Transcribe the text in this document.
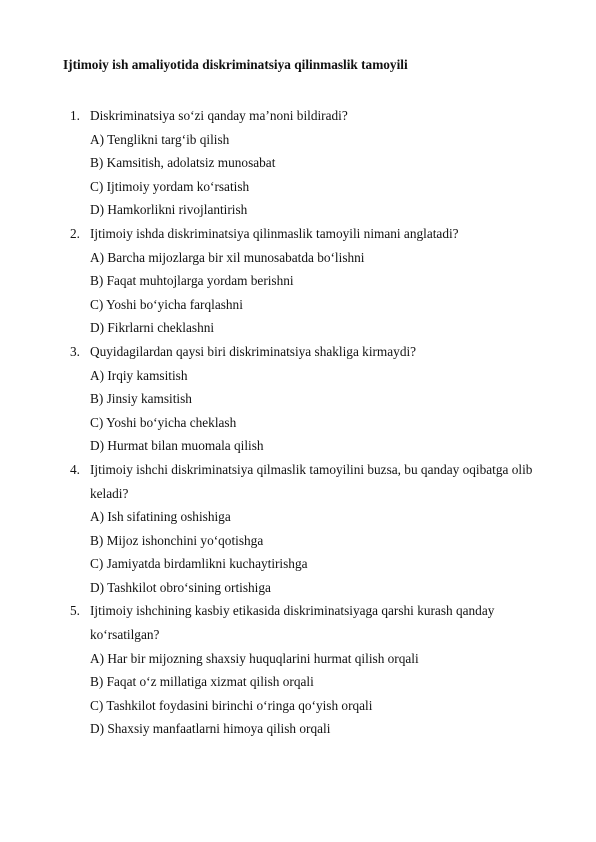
Ijtimoiy ish amaliyotida diskriminatsiya qilinmaslik tamoyili
1. Diskriminatsiya so‘zi qanday ma’noni bildiradi?
A) Tenglikni targ‘ib qilish
B) Kamsitish, adolatsiz munosabat
C) Ijtimoiy yordam ko‘rsatish
D) Hamkorlikni rivojlantirish
2. Ijtimoiy ishda diskriminatsiya qilinmaslik tamoyili nimani anglatadi?
A) Barcha mijozlarga bir xil munosabatda bo‘lishni
B) Faqat muhtojlarga yordam berishni
C) Yoshi bo‘yicha farqlashni
D) Fikrlarni cheklashni
3. Quyidagilardan qaysi biri diskriminatsiya shakliga kirmaydi?
A) Irqiy kamsitish
B) Jinsiy kamsitish
C) Yoshi bo‘yicha cheklash
D) Hurmat bilan muomala qilish
4. Ijtimoiy ishchi diskriminatsiya qilmaslik tamoyilini buzsa, bu qanday oqibatga olib keladi?
A) Ish sifatining oshishiga
B) Mijoz ishonchini yo‘qotishga
C) Jamiyatda birdamlikni kuchaytirishga
D) Tashkilot obro‘sining ortishiga
5. Ijtimoiy ishchining kasbiy etikasida diskriminatsiyaga qarshi kurash qanday ko‘rsatilgan?
A) Har bir mijozning shaxsiy huquqlarini hurmat qilish orqali
B) Faqat o‘z millatiga xizmat qilish orqali
C) Tashkilot foydasini birinchi o‘ringa qo‘yish orqali
D) Shaxsiy manfaatlarni himoya qilish orqali
